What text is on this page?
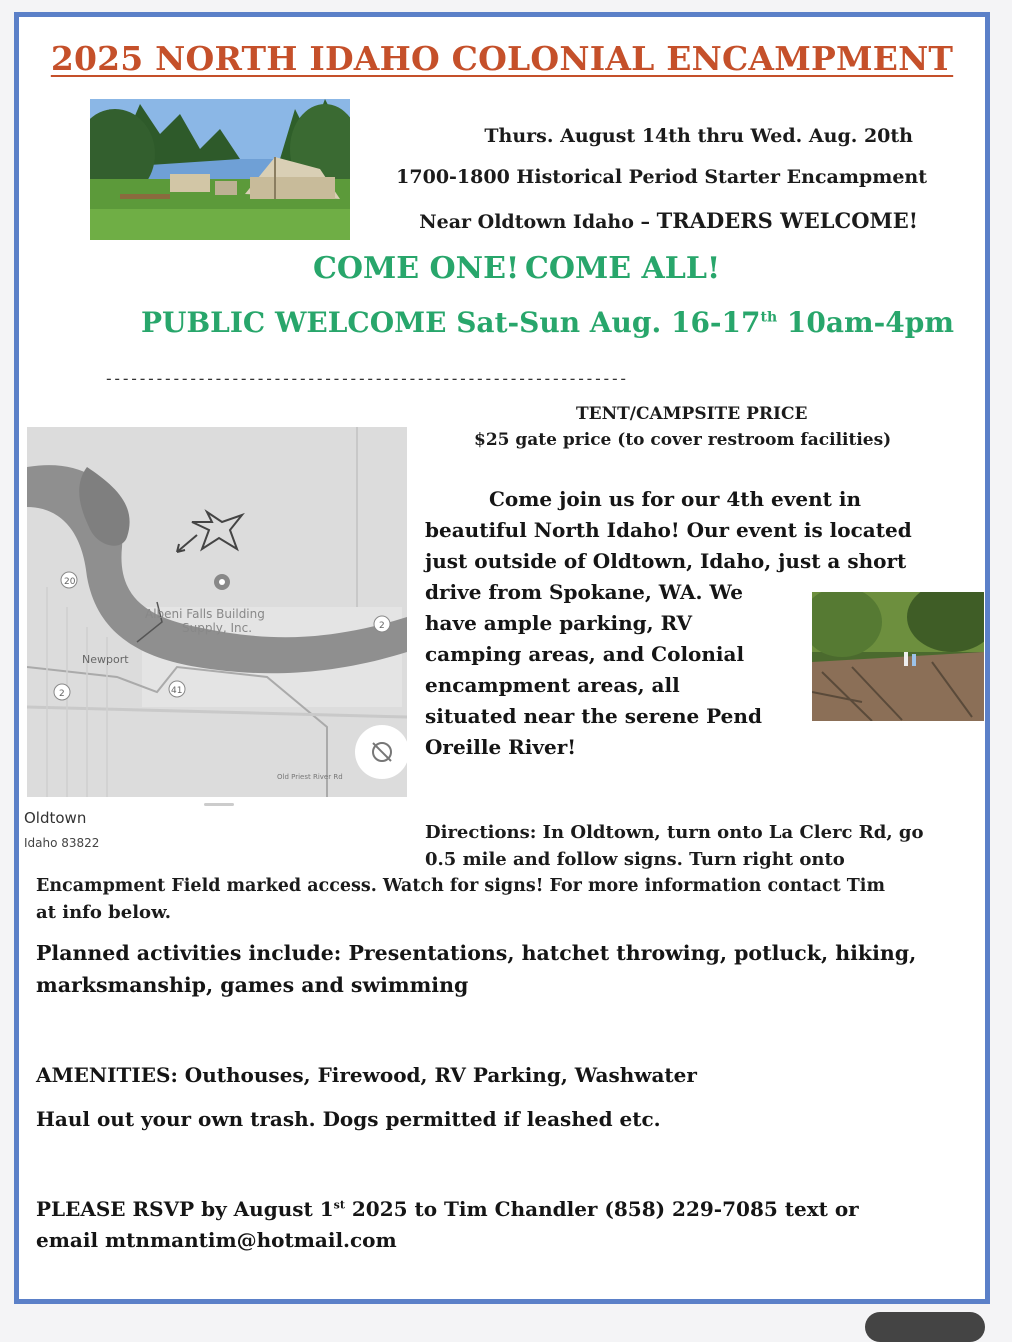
2025 NORTH IDAHO COLONIAL ENCAMPMENT
Thurs. August 14th thru Wed. Aug. 20th
1700-1800 Historical Period Starter Encampment
Near Oldtown Idaho – TRADERS WELCOME!
COME ONE! COME ALL!
PUBLIC WELCOME Sat-Sun Aug. 16-17th 10am-4pm
--------------------------------------------------------------
20
2
2
41
Albeni Falls Building
Supply, Inc.
Newport
Old Priest River Rd
Oldtown
Idaho 83822
TENT/CAMPSITE PRICE
$25 gate price (to cover restroom facilities)
Come join us for our 4th event in
beautiful North Idaho! Our event is located
just outside of Oldtown, Idaho, just a short
drive from Spokane, WA. We
have ample parking, RV
camping areas, and Colonial
encampment areas, all
situated near the serene Pend
Oreille River!
Directions: In Oldtown, turn onto La Clerc Rd, go
0.5 mile and follow signs. Turn right onto
Encampment Field marked access. Watch for signs! For more information contact Tim
at info below.
Planned activities include: Presentations, hatchet throwing, potluck, hiking,
marksmanship, games and swimming
AMENITIES: Outhouses, Firewood, RV Parking, Washwater
Haul out your own trash. Dogs permitted if leashed etc.
PLEASE RSVP by August 1st 2025 to Tim Chandler (858) 229-7085 text or
email mtnmantim@hotmail.com
